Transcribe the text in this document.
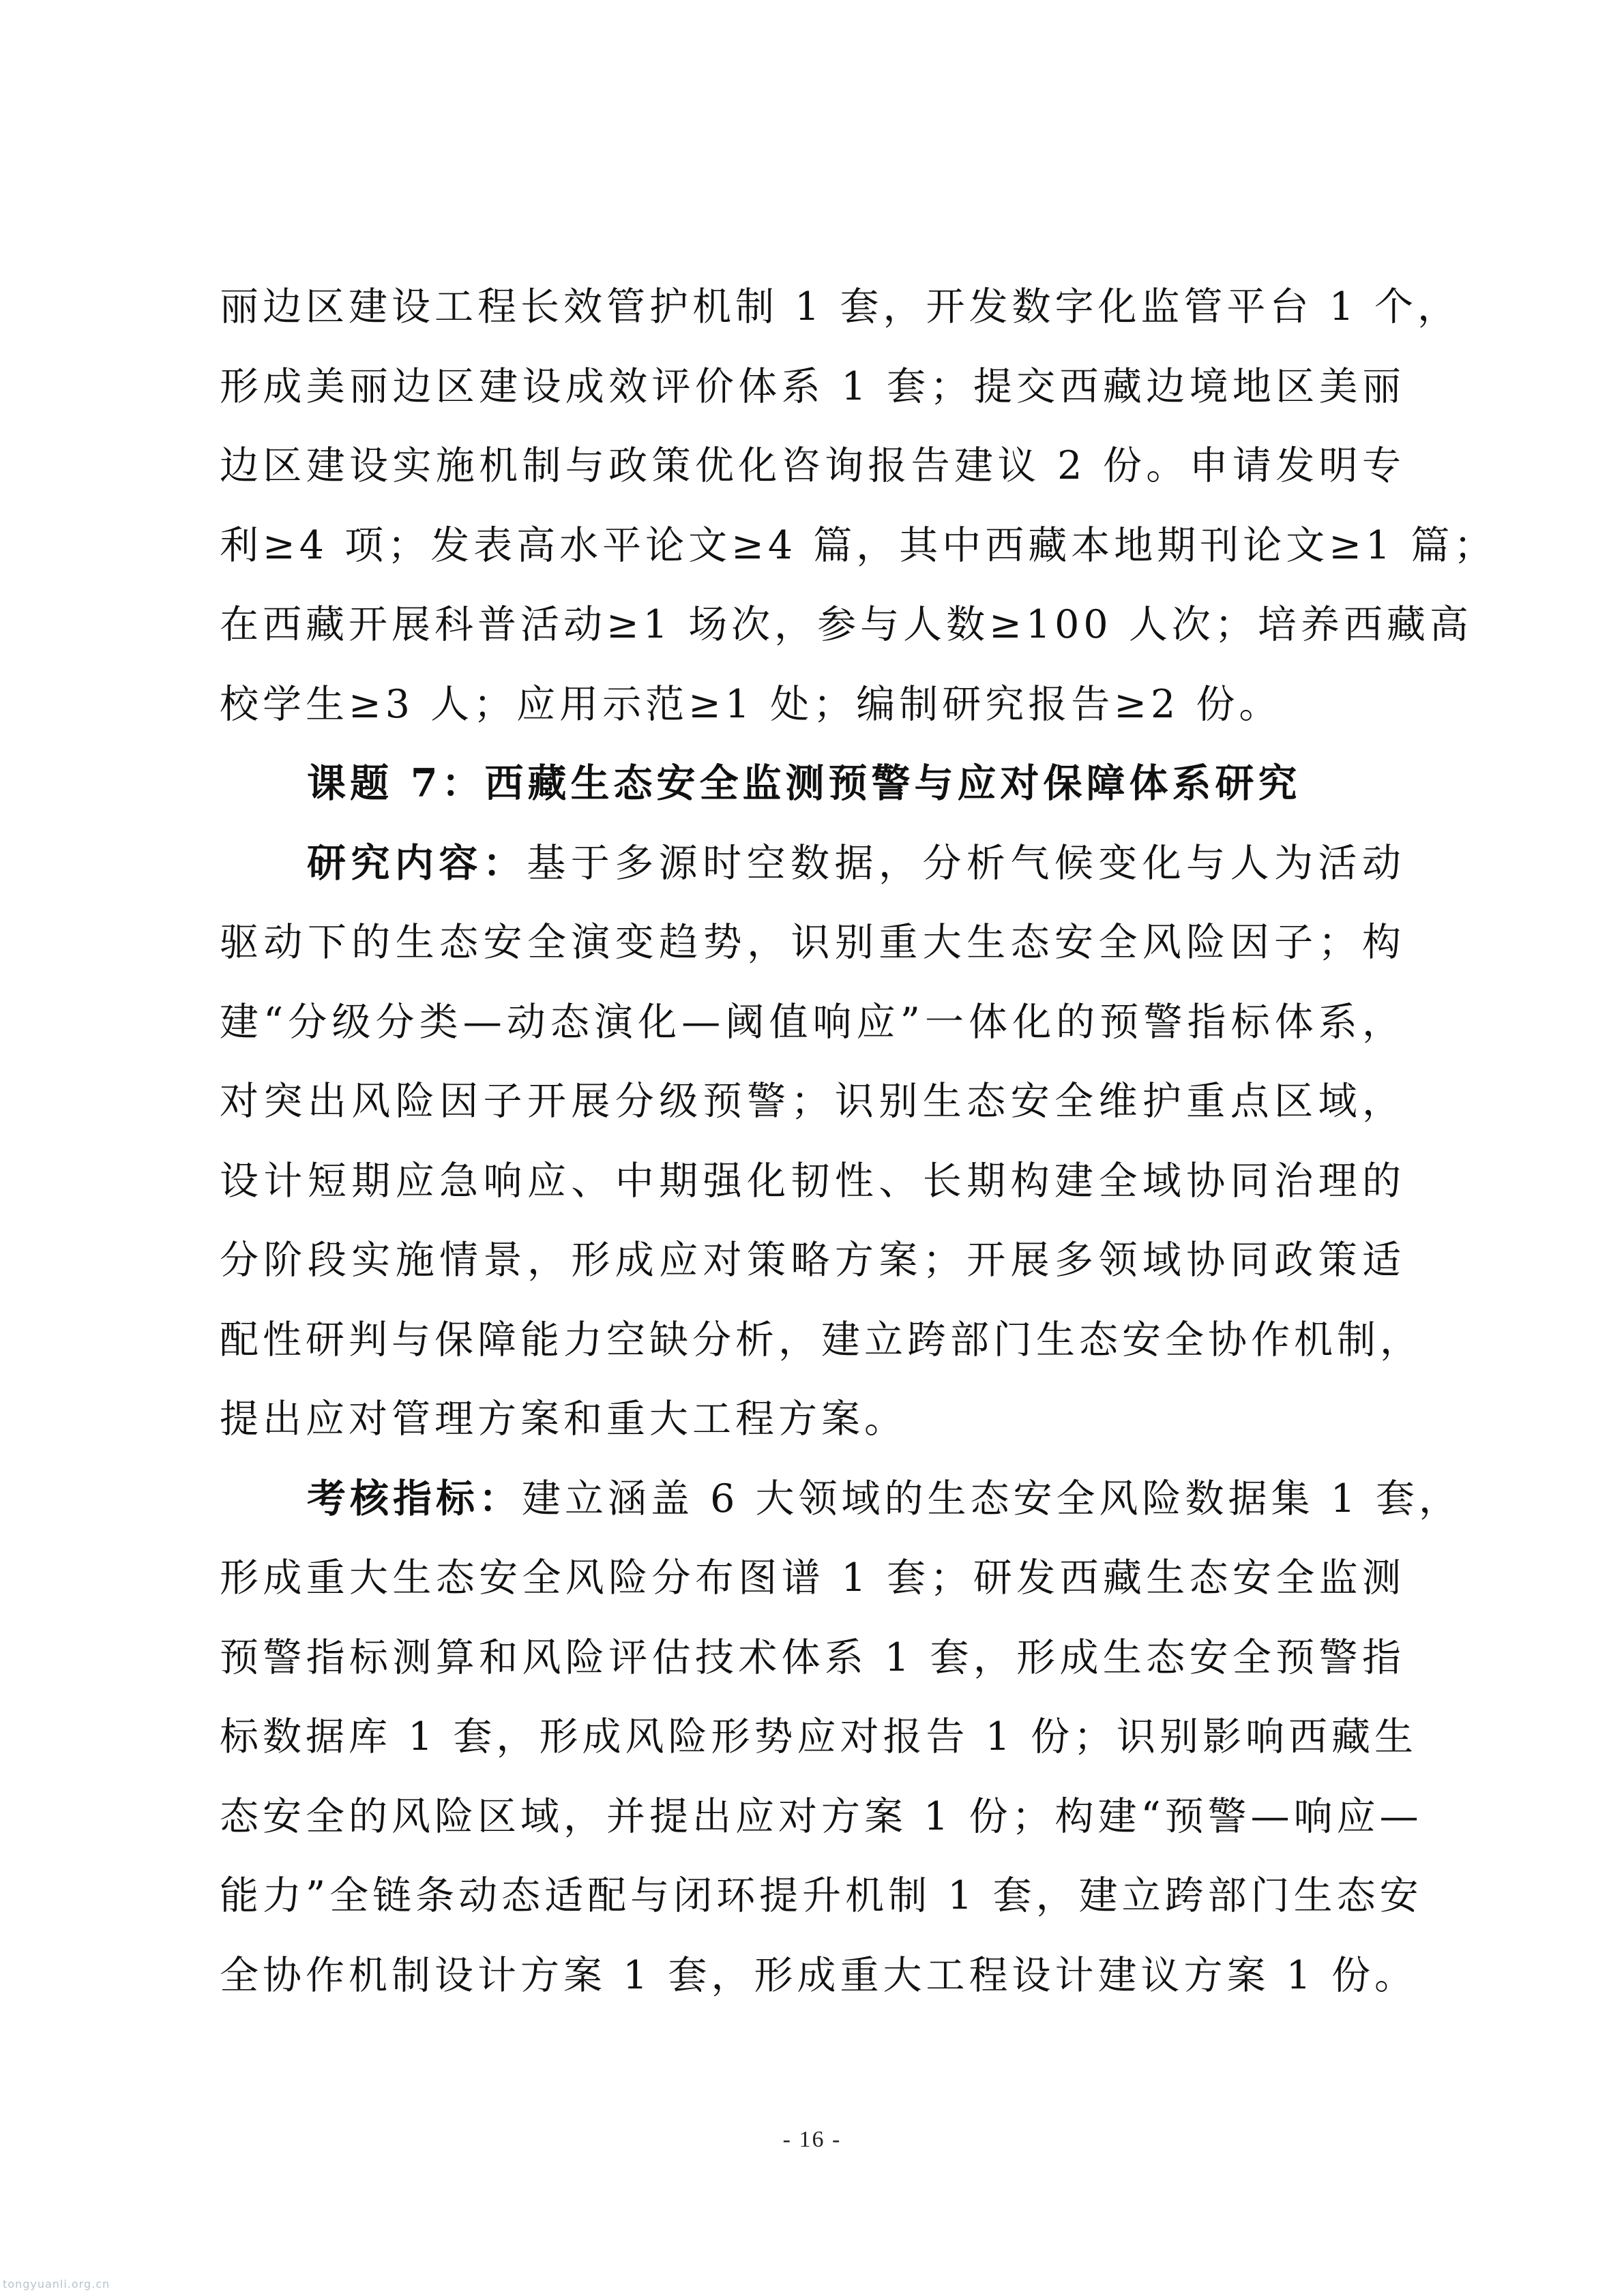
丽边区建设工程长效管护机制 1 套，开发数字化监管平台 1 个，
形成美丽边区建设成效评价体系 1 套；提交西藏边境地区美丽
边区建设实施机制与政策优化咨询报告建议 2 份。申请发明专
利≥4 项；发表高水平论文≥4 篇，其中西藏本地期刊论文≥1 篇；
在西藏开展科普活动≥1 场次，参与人数≥100 人次；培养西藏高
校学生≥3 人；应用示范≥1 处；编制研究报告≥2 份。
课题 7：西藏生态安全监测预警与应对保障体系研究
研究内容：基于多源时空数据，分析气候变化与人为活动
驱动下的生态安全演变趋势，识别重大生态安全风险因子；构
建“分级分类—动态演化—阈值响应”一体化的预警指标体系，
对突出风险因子开展分级预警；识别生态安全维护重点区域，
设计短期应急响应、中期强化韧性、长期构建全域协同治理的
分阶段实施情景，形成应对策略方案；开展多领域协同政策适
配性研判与保障能力空缺分析，建立跨部门生态安全协作机制，
提出应对管理方案和重大工程方案。
考核指标：建立涵盖 6 大领域的生态安全风险数据集 1 套，
形成重大生态安全风险分布图谱 1 套；研发西藏生态安全监测
预警指标测算和风险评估技术体系 1 套，形成生态安全预警指
标数据库 1 套，形成风险形势应对报告 1 份；识别影响西藏生
态安全的风险区域，并提出应对方案 1 份；构建“预警—响应—
能力”全链条动态适配与闭环提升机制 1 套，建立跨部门生态安
全协作机制设计方案 1 套，形成重大工程设计建议方案 1 份。
- 16 -
tongyuanli.org.cn
